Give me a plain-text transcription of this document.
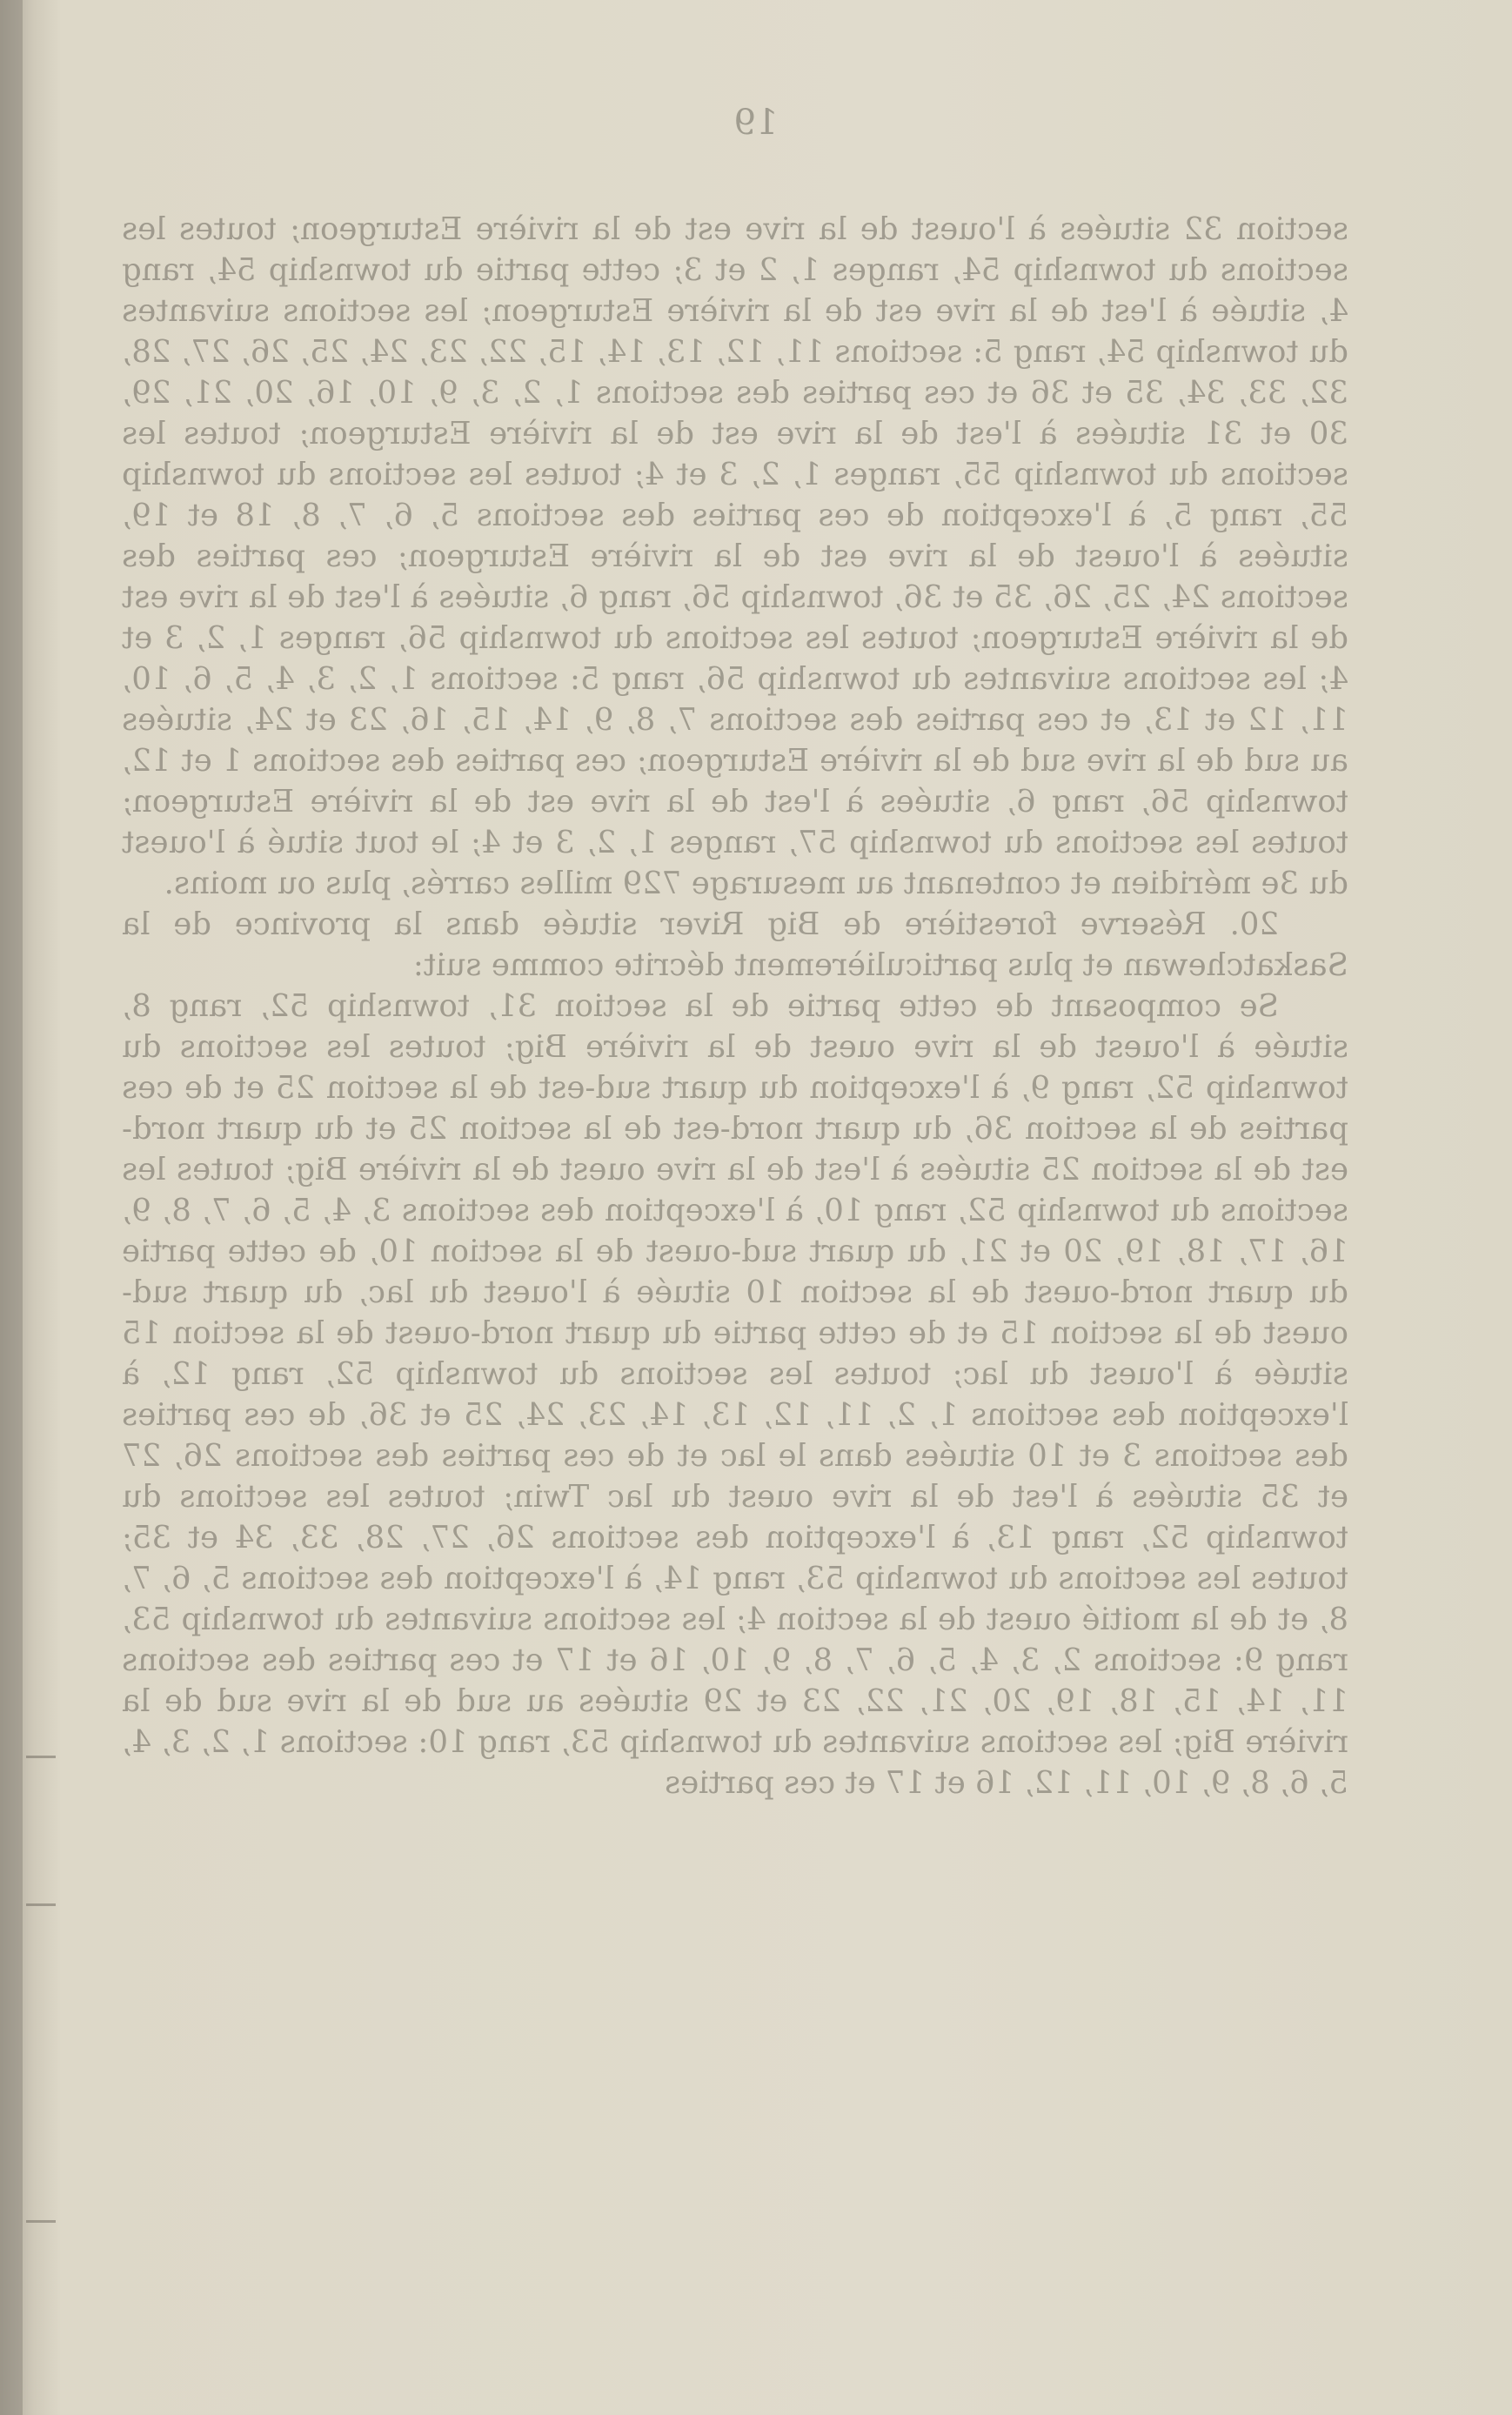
19

section 32 situées à l'ouest de la rive est de la rivière Esturgeon; toutes les sections du township 54, ranges 1, 2 et 3; cette partie du township 54, rang 4, située à l'est de la rive est de la rivière Esturgeon; les sections suivantes du township 54, rang 5: sections 11, 12, 13, 14, 15, 22, 23, 24, 25, 26, 27, 28, 32, 33, 34, 35 et 36 et ces parties des sections 1, 2, 3, 9, 10, 16, 20, 21, 29, 30 et 31 situées à l'est de la rive est de la rivière Esturgeon; toutes les sections du township 55, ranges 1, 2, 3 et 4; toutes les sections du township 55, rang 5, à l'exception de ces parties des sections 5, 6, 7, 8, 18 et 19, situées à l'ouest de la rive est de la rivière Esturgeon; ces parties des sections 24, 25, 26, 35 et 36, township 56, rang 6, situées à l'est de la rive est de la rivière Esturgeon; toutes les sections du township 56, ranges 1, 2, 3 et 4; les sections suivantes du township 56, rang 5: sections 1, 2, 3, 4, 5, 6, 10, 11, 12 et 13, et ces parties des sections 7, 8, 9, 14, 15, 16, 23 et 24, situées au sud de la rive sud de la rivière Esturgeon; ces parties des sections 1 et 12, township 56, rang 6, situées à l'est de la rive est de la rivière Esturgeon; toutes les sections du township 57, ranges 1, 2, 3 et 4; le tout situé à l'ouest du 3e méridien et contenant au mesurage 729 milles carrés, plus ou moins.

20. Réserve forestière de Big River située dans la province de la Saskatchewan et plus particulièrement décrite comme suit:

Se composant de cette partie de la section 31, township 52, rang 8, située à l'ouest de la rive ouest de la rivière Big; toutes les sections du township 52, rang 9, à l'exception du quart sud-est de la section 25 et de ces parties de la section 36, du quart nord-est de la section 25 et du quart nord-est de la section 25 situées à l'est de la rive ouest de la rivière Big; toutes les sections du township 52, rang 10, à l'exception des sections 3, 4, 5, 6, 7, 8, 9, 16, 17, 18, 19, 20 et 21, du quart sud-ouest de la section 10, de cette partie du quart nord-ouest de la section 10 située à l'ouest du lac, du quart sud-ouest de la section 15 et de cette partie du quart nord-ouest de la section 15 située à l'ouest du lac; toutes les sections du township 52, rang 12, à l'exception des sections 1, 2, 11, 12, 13, 14, 23, 24, 25 et 36, de ces parties des sections 3 et 10 situées dans le lac et de ces parties des sections 26, 27 et 35 situées à l'est de la rive ouest du lac Twin; toutes les sections du township 52, rang 13, à l'exception des sections 26, 27, 28, 33, 34 et 35; toutes les sections du township 53, rang 14, à l'exception des sections 5, 6, 7, 8, et de la moitié ouest de la section 4; les sections suivantes du township 53, rang 9: sections 2, 3, 4, 5, 6, 7, 8, 9, 10, 16 et 17 et ces parties des sections 11, 14, 15, 18, 19, 20, 21, 22, 23 et 29 situées au sud de la rive sud de la rivière Big; les sections suivantes du township 53, rang 10: sections 1, 2, 3, 4, 5, 6, 8, 9, 10, 11, 12, 16 et 17 et ces parties
